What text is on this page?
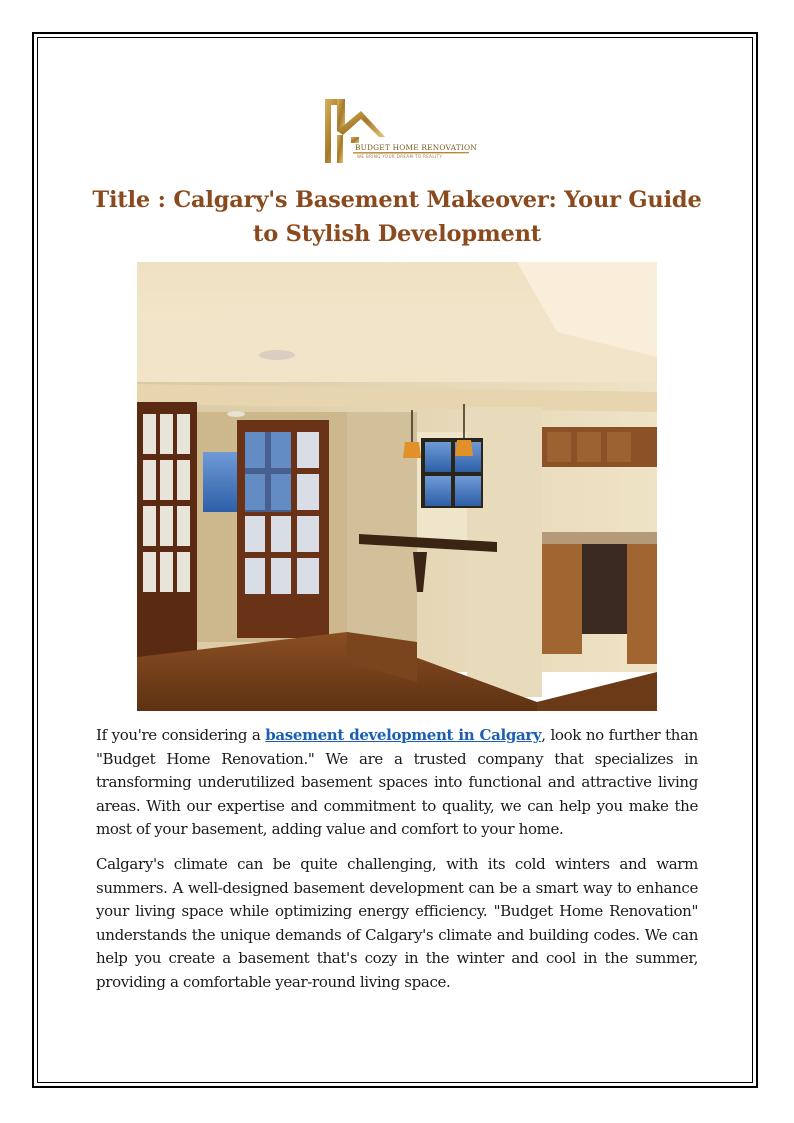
BUDGET HOME RENOVATION
WE BRING YOUR DREAM TO REALITY
Title : Calgary's Basement Makeover: Your Guide to Stylish Development

If you're considering a basement development in Calgary, look no further than "Budget Home Renovation." We are a trusted company that specializes in transforming underutilized basement spaces into functional and attractive living areas. With our expertise and commitment to quality, we can help you make the most of your basement, adding value and comfort to your home.

Calgary's climate can be quite challenging, with its cold winters and warm summers. A well-designed basement development can be a smart way to enhance your living space while optimizing energy efficiency. "Budget Home Renovation" understands the unique demands of Calgary's climate and building codes. We can help you create a basement that's cozy in the winter and cool in the summer, providing a comfortable year-round living space.
